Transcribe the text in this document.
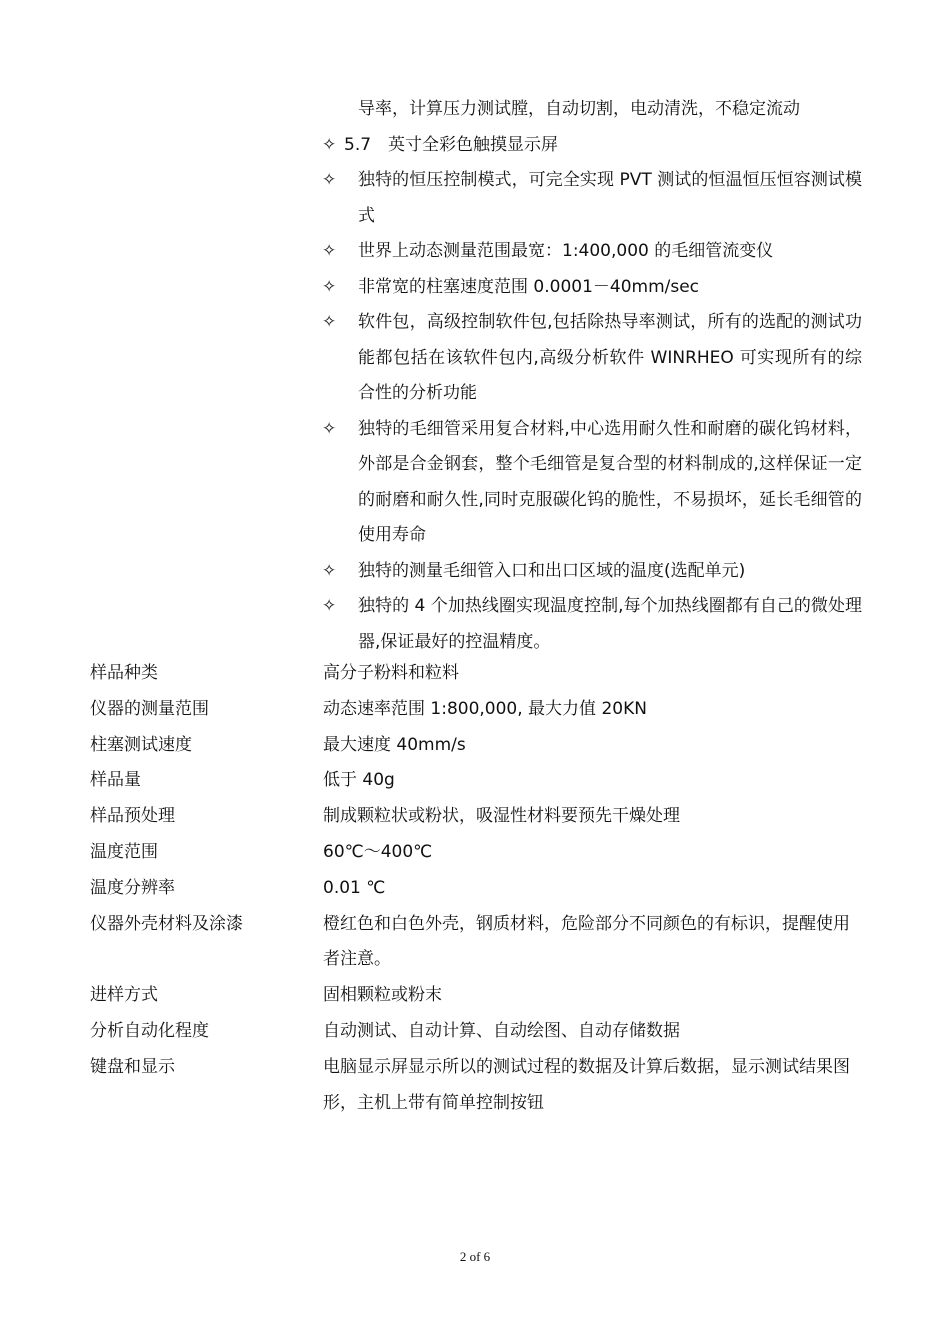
导率，计算压力测试膛，自动切割，电动清洗，不稳定流动
✧ 5.7　英寸全彩色触摸显示屏
✧	独特的恒压控制模式，可完全实现 PVT 测试的恒温恒压恒容测试模式
✧	世界上动态测量范围最宽：1:400,000 的毛细管流变仪
✧	非常宽的柱塞速度范围 0.0001－40mm/sec
✧	软件包，高级控制软件包,包括除热导率测试，所有的选配的测试功能都包括在该软件包内,高级分析软件 WINRHEO 可实现所有的综合性的分析功能
✧	独特的毛细管采用复合材料,中心选用耐久性和耐磨的碳化钨材料，外部是合金钢套，整个毛细管是复合型的材料制成的,这样保证一定的耐磨和耐久性,同时克服碳化钨的脆性，不易损坏，延长毛细管的使用寿命
✧	独特的测量毛细管入口和出口区域的温度(选配单元)
✧	独特的 4 个加热线圈实现温度控制,每个加热线圈都有自己的微处理器,保证最好的控温精度。
样品种类	高分子粉料和粒料
仪器的测量范围	动态速率范围 1:800,000, 最大力值 20KN
柱塞测试速度	最大速度 40mm/s
样品量	低于 40g
样品预处理	制成颗粒状或粉状，吸湿性材料要预先干燥处理
温度范围	60℃～400℃
温度分辨率	0.01 ℃
仪器外壳材料及涂漆	橙红色和白色外壳，钢质材料，危险部分不同颜色的有标识，提醒使用者注意。
进样方式	固相颗粒或粉末
分析自动化程度	自动测试、自动计算、自动绘图、自动存储数据
键盘和显示	电脑显示屏显示所以的测试过程的数据及计算后数据，显示测试结果图形，主机上带有简单控制按钮
2 of 6
